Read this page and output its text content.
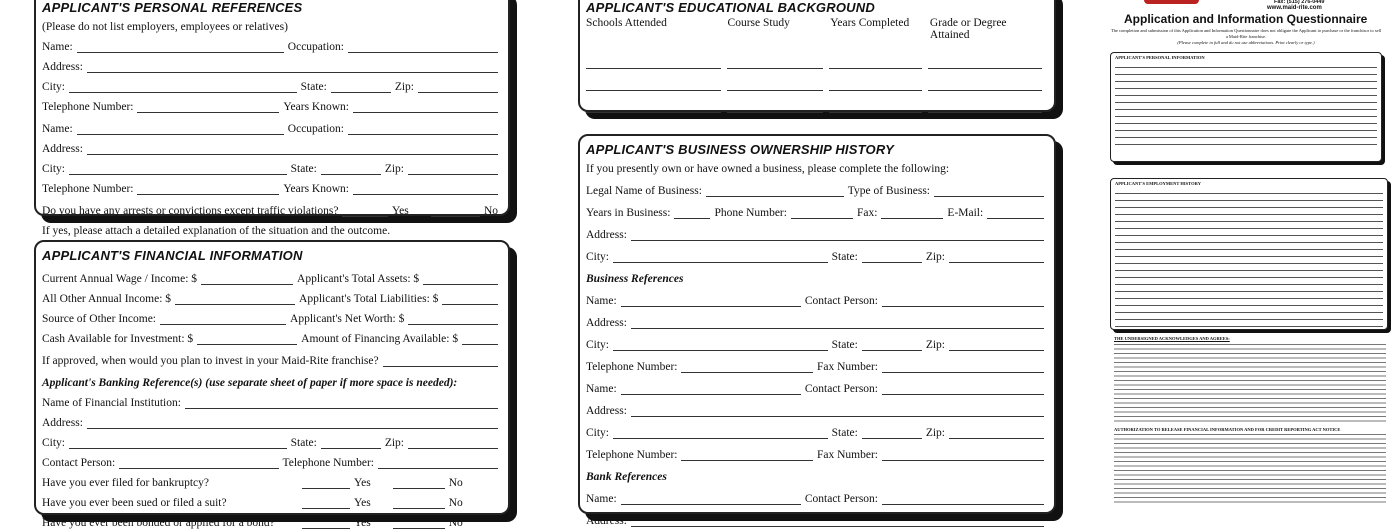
APPLICANT'S PERSONAL REFERENCES
(Please do not list employers, employees or relatives)
Name:	Occupation:
Address:
City:	State:	Zip:
Telephone Number:	Years Known:
Name:	Occupation:
Address:
City:	State:	Zip:
Telephone Number:	Years Known:
Do you have any arrests or convictions except traffic violations?	Yes	No
If yes, please attach a detailed explanation of the situation and the outcome.
APPLICANT'S FINANCIAL INFORMATION
Current Annual Wage / Income: $	Applicant's Total Assets: $
All Other Annual Income: $	Applicant's Total Liabilities: $
Source of Other Income:	Applicant's Net Worth: $
Cash Available for Investment: $	Amount of Financing Available: $
If approved, when would you plan to invest in your Maid-Rite franchise?
Applicant's Banking Reference(s) (use separate sheet of paper if more space is needed):
Name of Financial Institution:
Address:
City:	State:	Zip:
Contact Person:	Telephone Number:
Have you ever filed for bankruptcy?	Yes	No
Have you ever been sued or filed a suit?	Yes	No
Have you ever been bonded or applied for a bond?	Yes	No
APPLICANT'S EDUCATIONAL BACKGROUND
Schools Attended	Course Study	Years Completed	Grade or Degree Attained
APPLICANT'S BUSINESS OWNERSHIP HISTORY
If you presently own or have owned a business, please complete the following:
Legal Name of Business:	Type of Business:
Years in Business:	Phone Number:	Fax:	E-Mail:
Address:
City:	State:	Zip:
Business References
Name:	Contact Person:
Address:
City:	State:	Zip:
Telephone Number:	Fax Number:
Name:	Contact Person:
Address:
City:	State:	Zip:
Telephone Number:	Fax Number:
Bank References
Name:	Contact Person:
Address:
Fax: (515) 276-0449
www.maid-rite.com
Application and Information Questionnaire
The completion and submission of this Application and Information Questionnaire does not obligate the Applicant to purchase or the franchisor to sell a Maid-Rite franchise.
(Please complete in full and do not use abbreviations. Print clearly or type.)
APPLICANT'S PERSONAL INFORMATION
APPLICANT'S EMPLOYMENT HISTORY
THE UNDERSIGNED ACKNOWLEDGES AND AGREES:
AUTHORIZATION TO RELEASE FINANCIAL INFORMATION AND FOR CREDIT REPORTING ACT NOTICE
